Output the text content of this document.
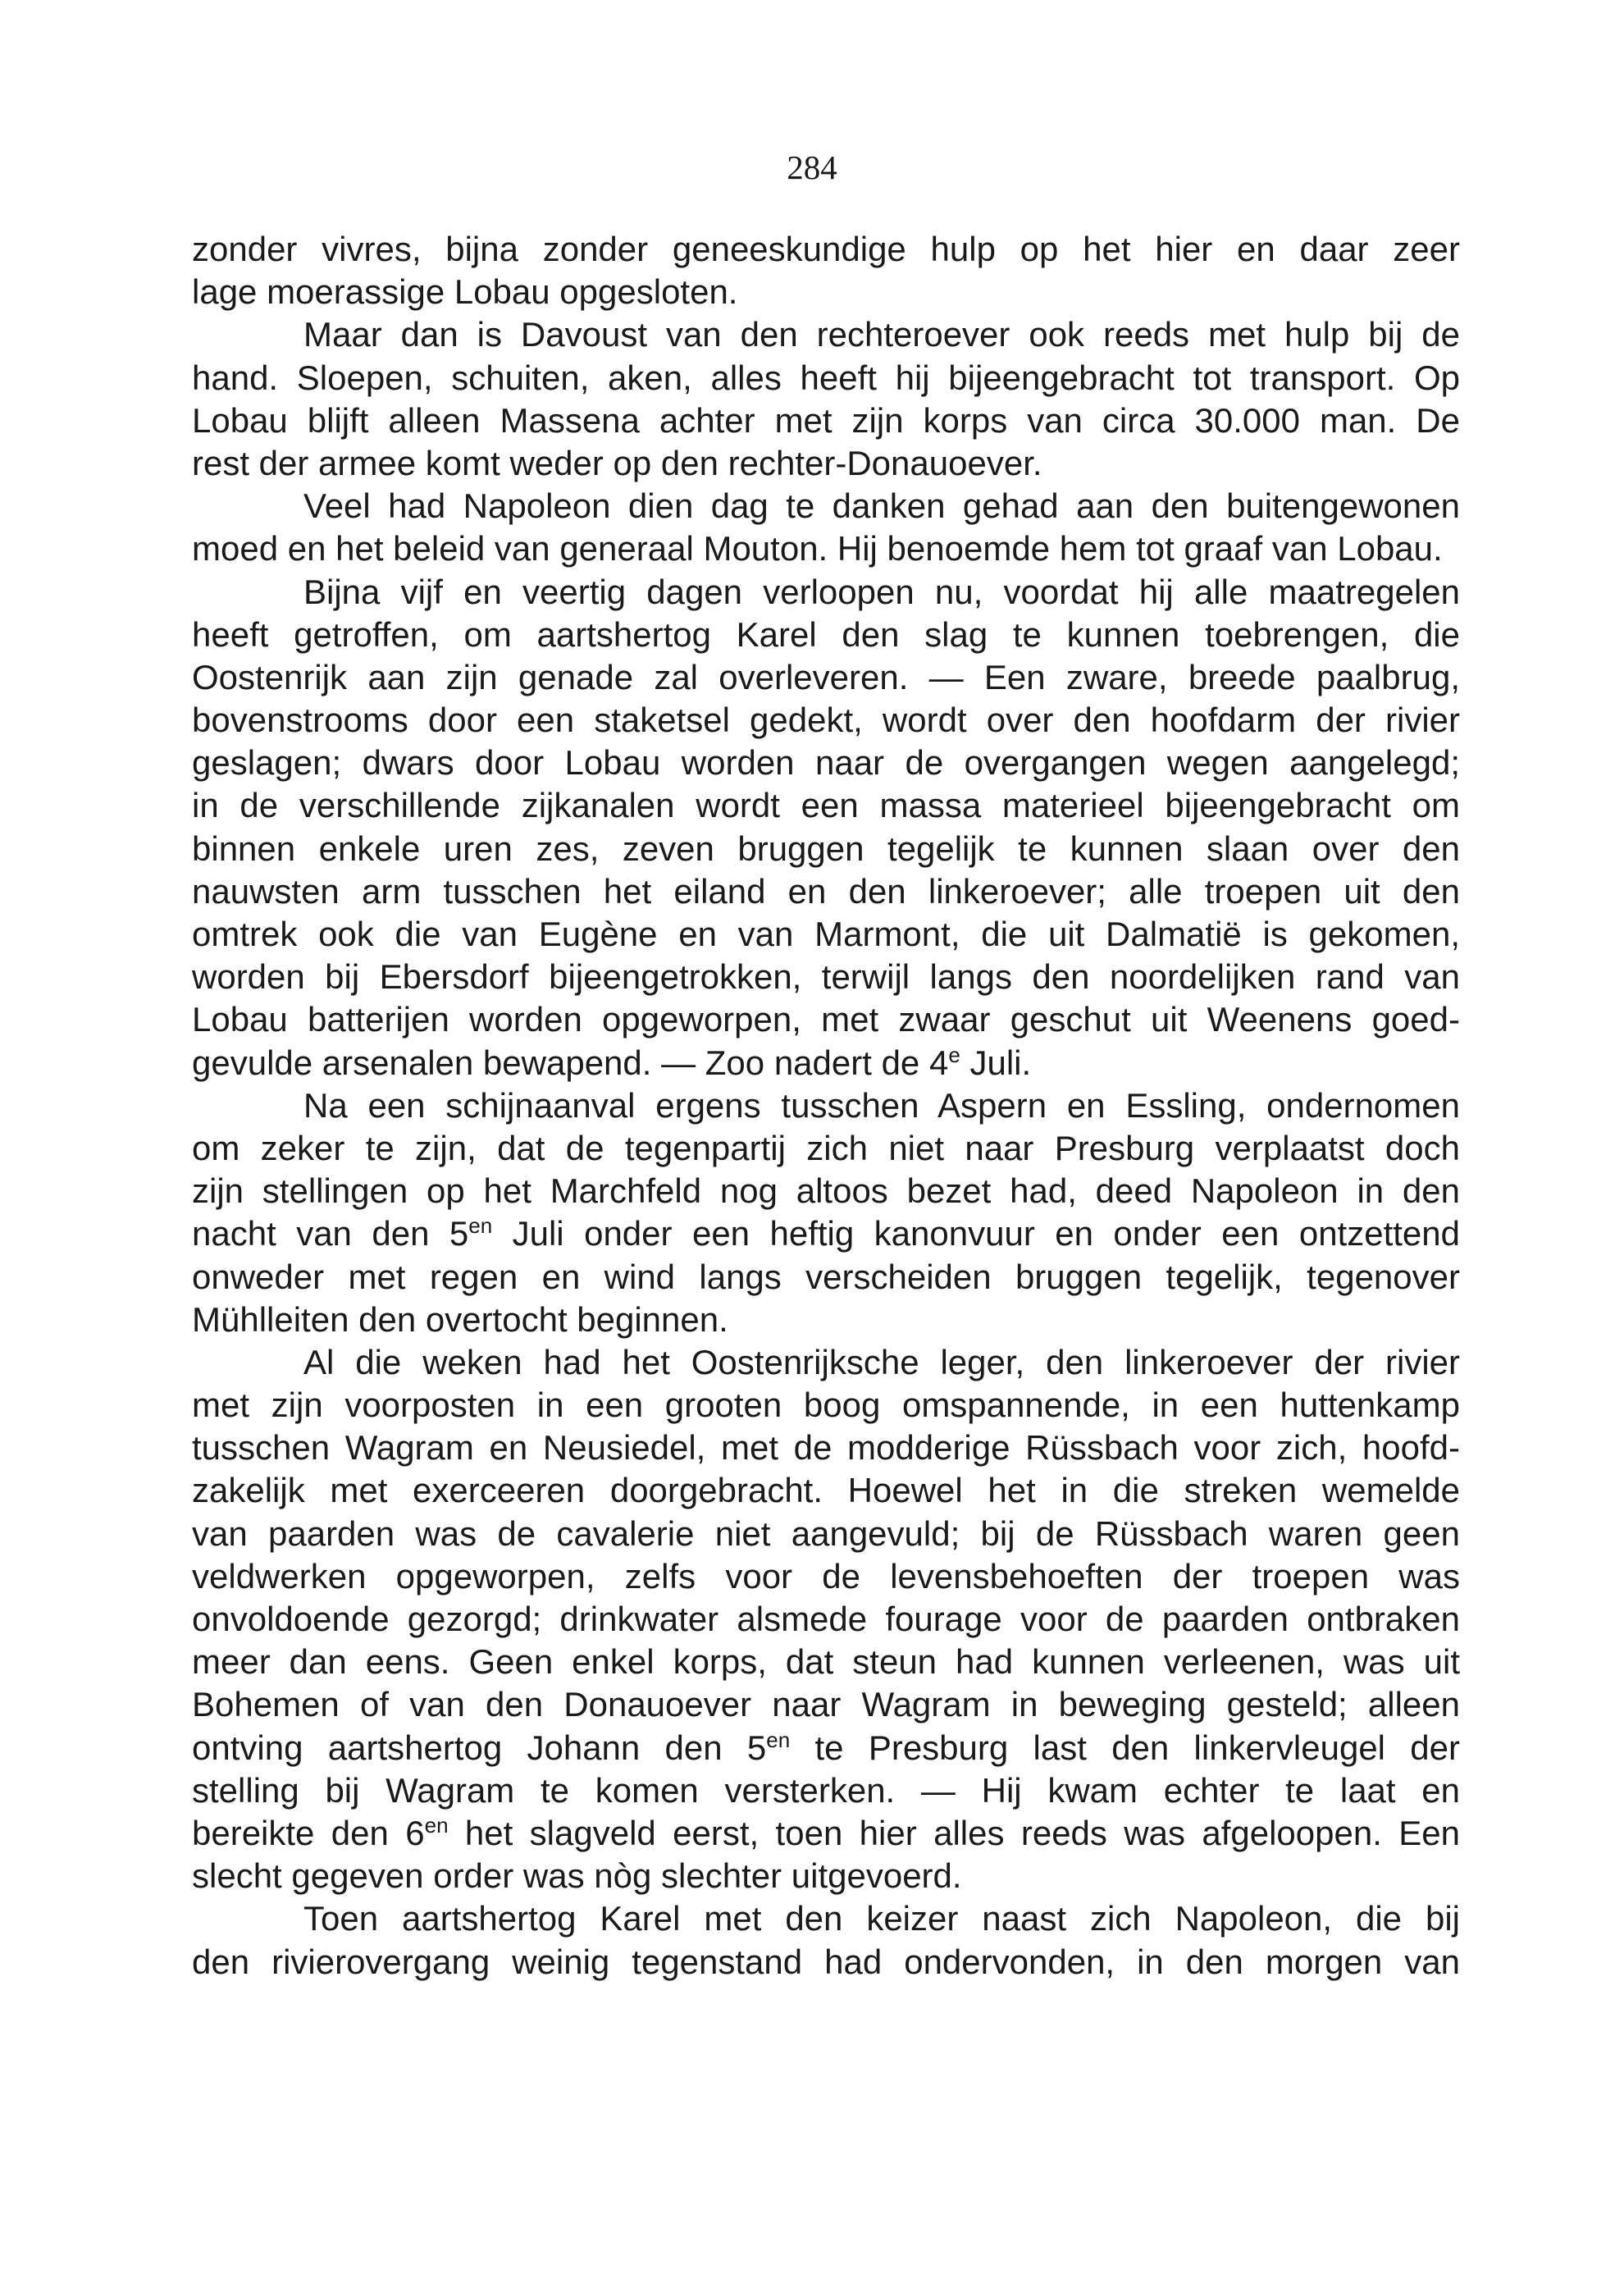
284
zonder vivres, bijna zonder geneeskundige hulp op het hier en daar zeer
lage moerassige Lobau opgesloten.
Maar dan is Davoust van den rechteroever ook reeds met hulp bij de
hand. Sloepen, schuiten, aken, alles heeft hij bijeengebracht tot transport. Op
Lobau blijft alleen Massena achter met zijn korps van circa 30.000 man. De
rest der armee komt weder op den rechter-Donauoever.
Veel had Napoleon dien dag te danken gehad aan den buitengewonen
moed en het beleid van generaal Mouton. Hij benoemde hem tot graaf van Lobau.
Bijna vijf en veertig dagen verloopen nu, voordat hij alle maatregelen
heeft getroffen, om aartshertog Karel den slag te kunnen toebrengen, die
Oostenrijk aan zijn genade zal overleveren. — Een zware, breede paalbrug,
bovenstrooms door een staketsel gedekt, wordt over den hoofdarm der rivier
geslagen; dwars door Lobau worden naar de overgangen wegen aangelegd;
in de verschillende zijkanalen wordt een massa materieel bijeengebracht om
binnen enkele uren zes, zeven bruggen tegelijk te kunnen slaan over den
nauwsten arm tusschen het eiland en den linkeroever; alle troepen uit den
omtrek ook die van Eugène en van Marmont, die uit Dalmatië is gekomen,
worden bij Ebersdorf bijeengetrokken, terwijl langs den noordelijken rand van
Lobau batterijen worden opgeworpen, met zwaar geschut uit Weenens goed-
gevulde arsenalen bewapend. — Zoo nadert de 4e Juli.
Na een schijnaanval ergens tusschen Aspern en Essling, ondernomen
om zeker te zijn, dat de tegenpartij zich niet naar Presburg verplaatst doch
zijn stellingen op het Marchfeld nog altoos bezet had, deed Napoleon in den
nacht van den $5^{en}$ Juli onder een heftig kanonvuur en onder een ontzettend
onweder met regen en wind langs verscheiden bruggen tegelijk, tegenover
Mühlleiten den overtocht beginnen.
Al die weken had het Oostenrijksche leger, den linkeroever der rivier
met zijn voorposten in een grooten boog omspannende, in een huttenkamp
tusschen Wagram en Neusiedel, met de modderige Rüssbach voor zich, hoofd-
zakelijk met exerceeren doorgebracht. Hoewel het in die streken wemelde
van paarden was de cavalerie niet aangevuld; bij de Rüssbach waren geen
veldwerken opgeworpen, zelfs voor de levensbehoeften der troepen was
onvoldoende gezorgd; drinkwater alsmede fourage voor de paarden ontbraken
meer dan eens. Geen enkel korps, dat steun had kunnen verleenen, was uit
Bohemen of van den Donauoever naar Wagram in beweging gesteld; alleen
ontving aartshertog Johann den $5^{en}$ te Presburg last den linkervleugel der
stelling bij Wagram te komen versterken. — Hij kwam echter te laat en
bereikte den $6^{en}$ het slagveld eerst, toen hier alles reeds was afgeloopen. Een
slecht gegeven order was nòg slechter uitgevoerd.
Toen aartshertog Karel met den keizer naast zich Napoleon, die bij
den rivierovergang weinig tegenstand had ondervonden, in den morgen van
